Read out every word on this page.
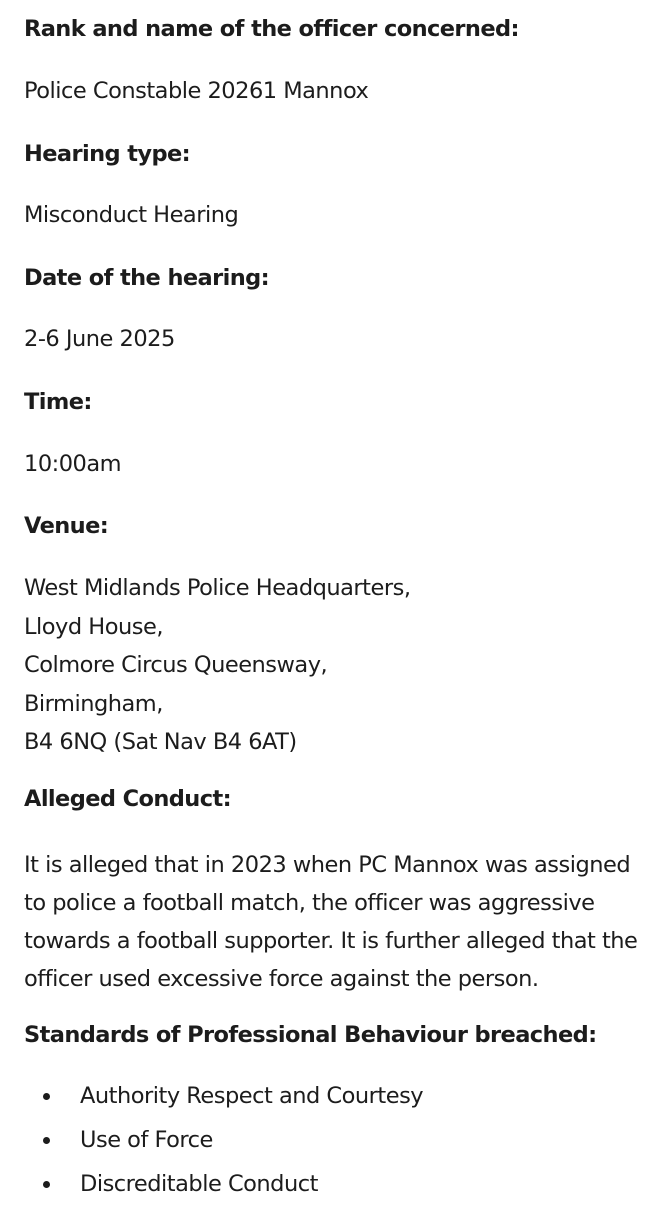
Rank and name of the officer concerned:
Police Constable 20261 Mannox
Hearing type:
Misconduct Hearing
Date of the hearing:
2-6 June 2025
Time:
10:00am
Venue:
West Midlands Police Headquarters,
Lloyd House,
Colmore Circus Queensway,
Birmingham,
B4 6NQ (Sat Nav B4 6AT)
Alleged Conduct:
It is alleged that in 2023 when PC Mannox was assigned
to police a football match, the officer was aggressive
towards a football supporter. It is further alleged that the
officer used excessive force against the person.
Standards of Professional Behaviour breached:
Authority Respect and Courtesy
Use of Force
Discreditable Conduct
